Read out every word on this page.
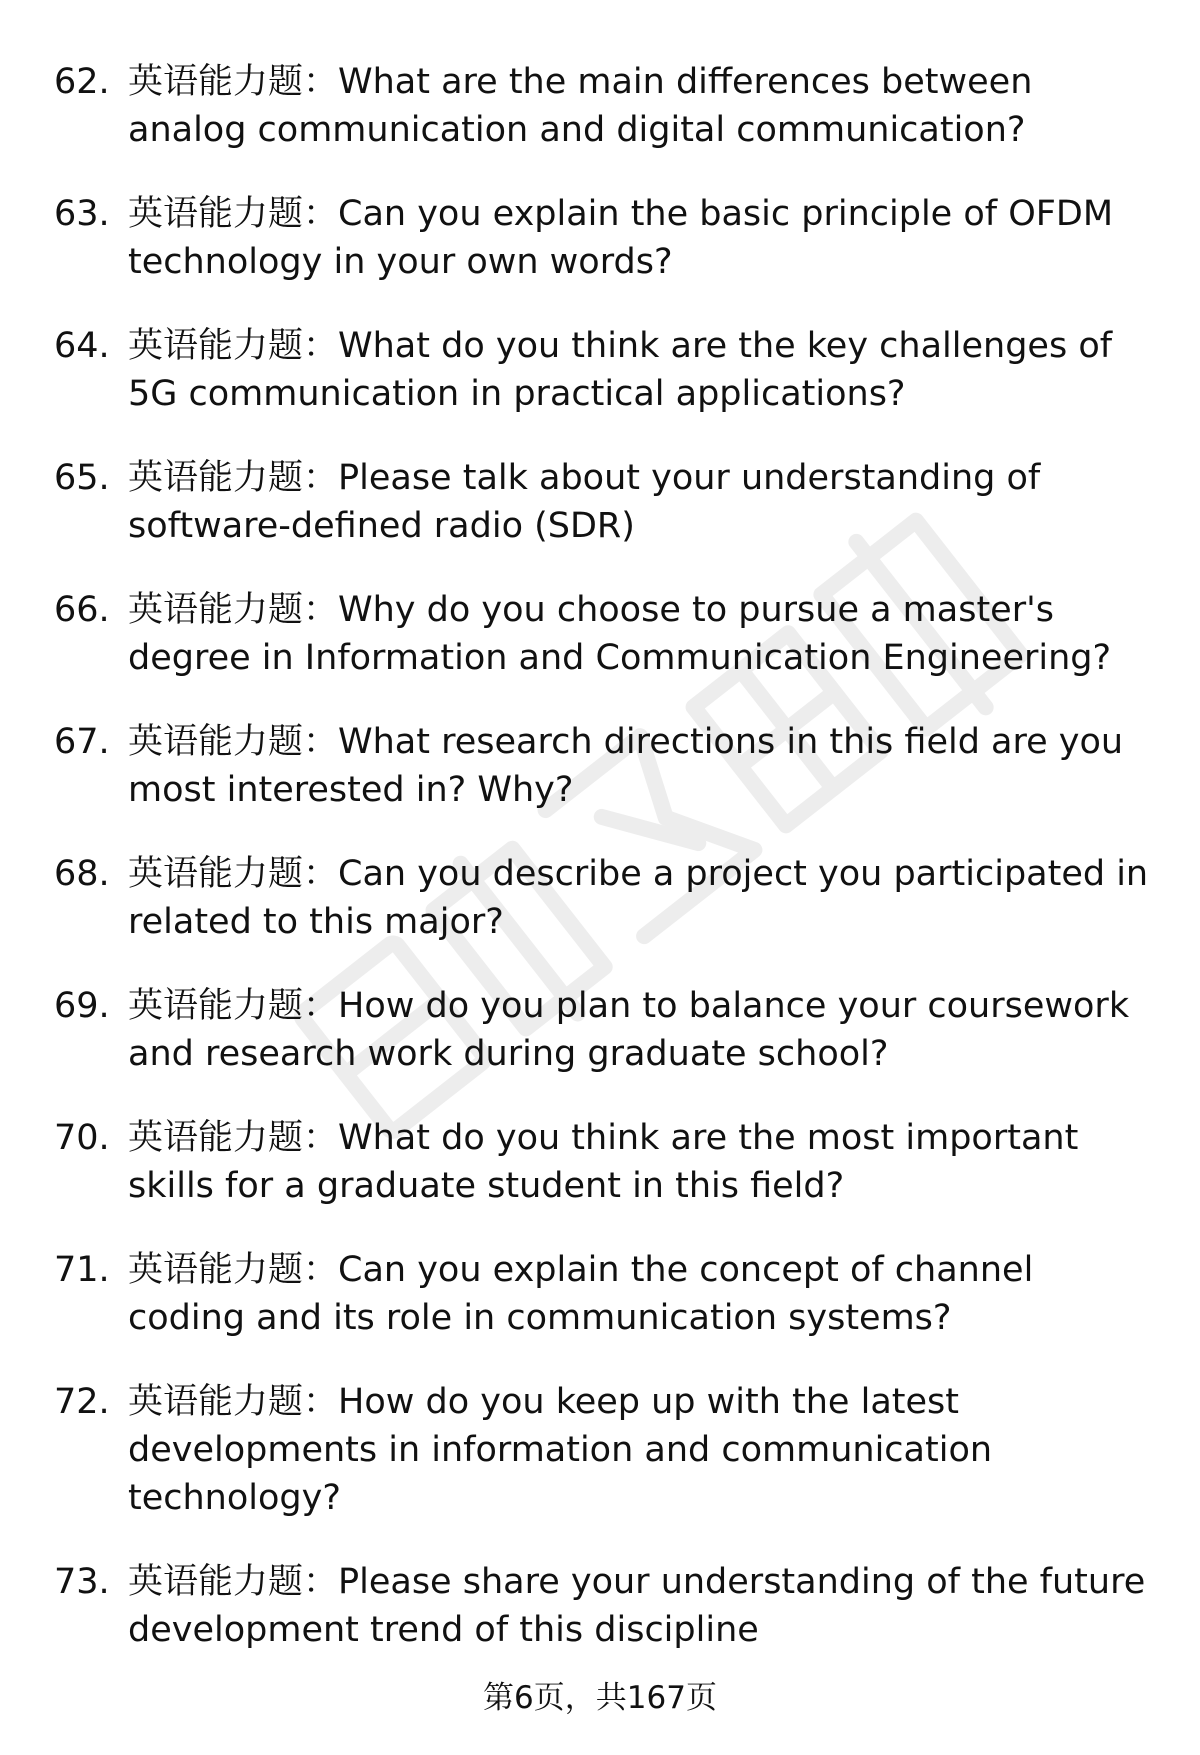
62. 英语能力题：What are the main differences between analog communication and digital communication?
63. 英语能力题：Can you explain the basic principle of OFDM technology in your own words?
64. 英语能力题：What do you think are the key challenges of 5G communication in practical applications?
65. 英语能力题：Please talk about your understanding of software-defined radio (SDR)
66. 英语能力题：Why do you choose to pursue a master's degree in Information and Communication Engineering?
67. 英语能力题：What research directions in this field are you most interested in? Why?
68. 英语能力题：Can you describe a project you participated in related to this major?
69. 英语能力题：How do you plan to balance your coursework and research work during graduate school?
70. 英语能力题：What do you think are the most important skills for a graduate student in this field?
71. 英语能力题：Can you explain the concept of channel coding and its role in communication systems?
72. 英语能力题：How do you keep up with the latest developments in information and communication technology?
73. 英语能力题：Please share your understanding of the future development trend of this discipline
第6页，共167页
